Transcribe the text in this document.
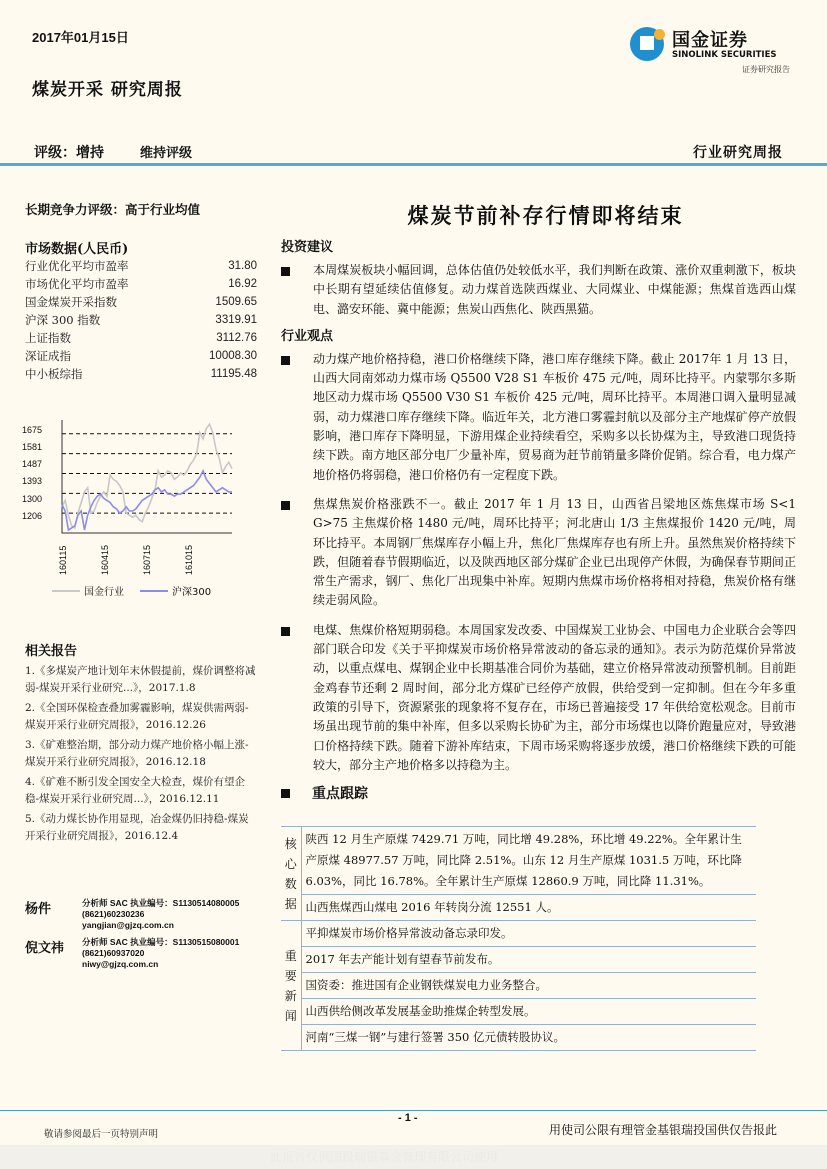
2017年01月15日
煤炭开采 研究周报
评级：增持	维持评级	行业研究周报
国金证券
SINOLINK SECURITIES
证券研究报告
长期竞争力评级：高于行业均值
市场数据(人民币)
行业优化平均市盈率	31.80
市场优化平均市盈率	16.92
国金煤炭开采指数	1509.65
沪深 300 指数	3319.91
上证指数	3112.76
深证成指	10008.30
中小板综指	11195.48
1675
1581
1487
1393
1300
1206
160115	160415	160715	161015
国金行业	沪深300
相关报告
1.《多煤炭产地计划年末休假提前，煤价调整将减弱-煤炭开采行业研究...》，2017.1.8
2.《全国环保检查叠加雾霾影响，煤炭供需两弱-煤炭开采行业研究周报》，2016.12.26
3.《矿难整治期，部分动力煤产地价格小幅上涨-煤炭开采行业研究周报》，2016.12.18
4.《矿难不断引发全国安全大检查，煤价有望企稳-煤炭开采行业研究周...》，2016.12.11
5.《动力煤长协作用显现，冶金煤仍旧持稳-煤炭开采行业研究周报》，2016.12.4
杨件	分析师 SAC 执业编号：S1130514080005
(8621)60230236
yangjian@gjzq.com.cn
倪文祎	分析师 SAC 执业编号：S1130515080001
(8621)60937020
niwy@gjzq.com.cn
煤炭节前补存行情即将结束
投资建议
本周煤炭板块小幅回调，总体估值仍处较低水平，我们判断在政策、涨价双重刺激下，板块中长期有望延续估值修复。动力煤首选陕西煤业、大同煤业、中煤能源；焦煤首选西山煤电、潞安环能、冀中能源；焦炭山西焦化、陕西黑猫。
行业观点
动力煤产地价格持稳，港口价格继续下降，港口库存继续下降。截止 2017年 1 月 13 日，山西大同南郊动力煤市场 Q5500 V28 S1 车板价 475 元/吨，周环比持平。内蒙鄂尔多斯地区动力煤市场 Q5500 V30 S1 车板价 425 元/吨，周环比持平。本周港口调入量明显减弱，动力煤港口库存继续下降。临近年关，北方港口雾霾封航以及部分主产地煤矿停产放假影响，港口库存下降明显，下游用煤企业持续看空，采购多以长协煤为主，导致港口现货持续下跌。南方地区部分电厂少量补库，贸易商为赶节前销量多降价促销。综合看，电力煤产地价格仍将弱稳，港口价格仍有一定程度下跌。
焦煤焦炭价格涨跌不一。截止 2017 年 1 月 13 日，山西省吕梁地区炼焦煤市场 S<1 G>75 主焦煤价格 1480 元/吨，周环比持平；河北唐山 1/3 主焦煤报价 1420 元/吨，周环比持平。本周钢厂焦煤库存小幅上升，焦化厂焦煤库存也有所上升。虽然焦炭价格持续下跌，但随着春节假期临近，以及陕西地区部分煤矿企业已出现停产休假，为确保春节期间正常生产需求，钢厂、焦化厂出现集中补库。短期内焦煤市场价格将相对持稳，焦炭价格有继续走弱风险。
电煤、焦煤价格短期弱稳。本周国家发改委、中国煤炭工业协会、中国电力企业联合会等四部门联合印发《关于平抑煤炭市场价格异常波动的备忘录的通知》。表示为防范煤价异常波动，以重点煤电、煤钢企业中长期基准合同价为基础，建立价格异常波动预警机制。目前距金鸡春节还剩 2 周时间，部分北方煤矿已经停产放假，供给受到一定抑制。但在今年多重政策的引导下，资源紧张的现象将不复存在，市场已普遍接受 17 年供给宽松观念。目前市场虽出现节前的集中补库，但多以采购长协矿为主，部分市场煤也以降价跑量应对，导致港口价格持续下跌。随着下游补库结束，下周市场采购将逐步放缓，港口价格继续下跌的可能较大，部分主产地价格多以持稳为主。
重点跟踪
核心数据	陕西 12 月生产原煤 7429.71 万吨，同比增 49.28%，环比增 49.22%。全年累计生产原煤 48977.57 万吨，同比降 2.51%。山东 12 月生产原煤 1031.5 万吨，环比降 6.03%，同比 16.78%。全年累计生产原煤 12860.9 万吨，同比降 11.31%。
	山西焦煤西山煤电 2016 年转岗分流 12551 人。
重要新闻	平抑煤炭市场价格异常波动备忘录印发。
	2017 年去产能计划有望春节前发布。
	国资委：推进国有企业钢铁煤炭电力业务整合。
	山西供给侧改革发展基金助推煤企转型发展。
	河南“三煤一钢”与建行签署 350 亿元债转股协议。
- 1 -
敬请参阅最后一页特别声明	用使司公限有理管金基银瑞投国供仅告报此
此报告仅供国投瑞银基金管理有限公司使用
